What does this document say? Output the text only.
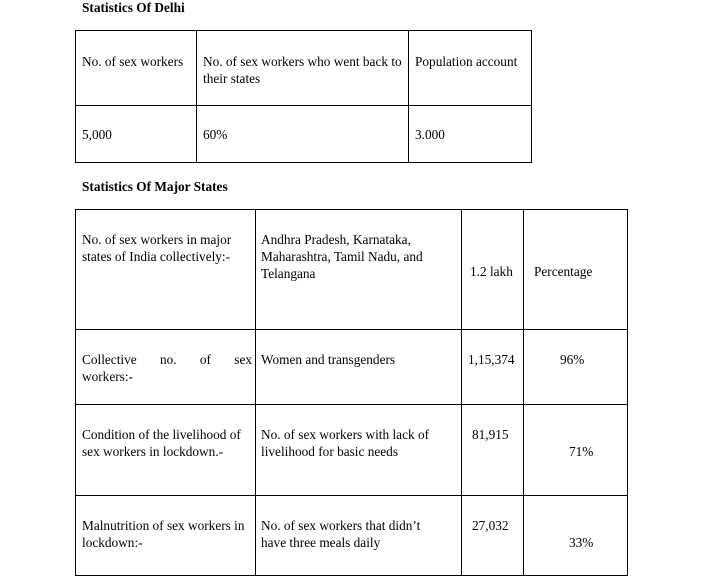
Statistics Of Delhi
No. of sex workers	No. of sex workers who went back to their states	Population account

5,000	60%	3.000
Statistics Of Major States
No. of sex workers in major states of India collectively:-	Andhra Pradesh, Karnataka, Maharashtra, Tamil Nadu, and Telangana	1.2 lakh	Percentage

Collective no. of sex
workers:-	Women and transgenders	1,15,374	96%

Condition of the livelihood of sex workers in lockdown.-	No. of sex workers with lack of livelihood for basic needs	81,915	71%

Malnutrition of sex workers in lockdown:-	No. of sex workers that didn’t have three meals daily	27,032	33%
